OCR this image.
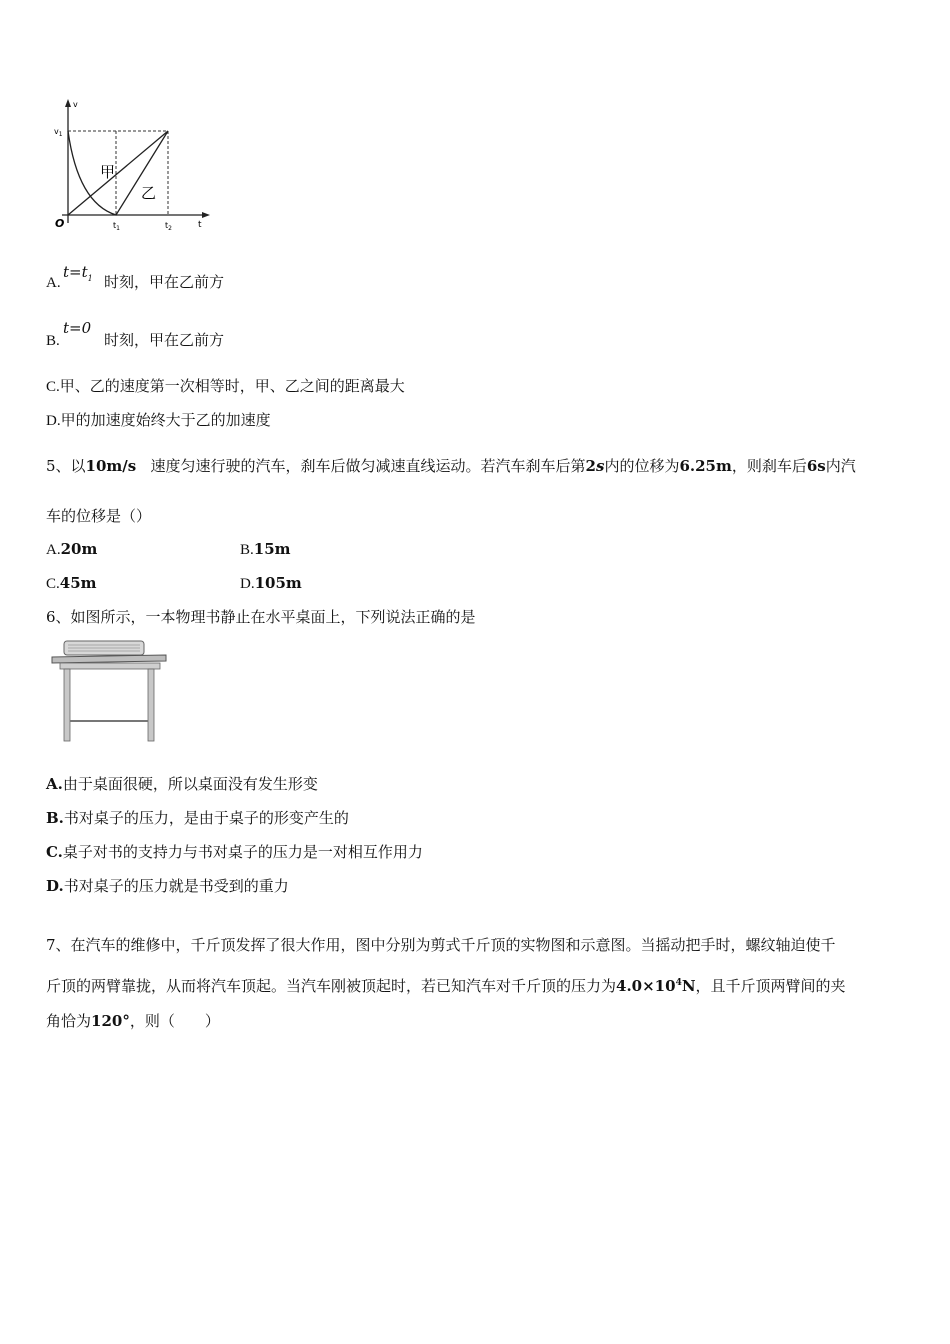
v
t
O
$v_1$
$t_1$	$t_2$
甲
乙
A.
$t=t_1$ 时刻，甲在乙前方
B.
t=0
时刻，甲在乙前方
C.甲、乙的速度第一次相等时，甲、乙之间的距离最大
D.甲的加速度始终大于乙的加速度
5、以10m/s 速度匀速行驶的汽车，刹车后做匀减速直线运动。若汽车刹车后第2s内的位移为6.25m，则刹车后6s内汽
车的位移是（）
A.20m	B.15m
C.45m	D.105m
6、如图所示，一本物理书静止在水平桌面上，下列说法正确的是
A.由于桌面很硬，所以桌面没有发生形变
B.书对桌子的压力，是由于桌子的形变产生的
C.桌子对书的支持力与书对桌子的压力是一对相互作用力
D.书对桌子的压力就是书受到的重力
7、在汽车的维修中，千斤顶发挥了很大作用，图中分别为剪式千斤顶的实物图和示意图。当摇动把手时，螺纹轴迫使千
斤顶的两臂靠拢，从而将汽车顶起。当汽车刚被顶起时，若已知汽车对千斤顶的压力为$4.0\times 10^4N$，且千斤顶两臂间的夹
角恰为120°，则（　　）
